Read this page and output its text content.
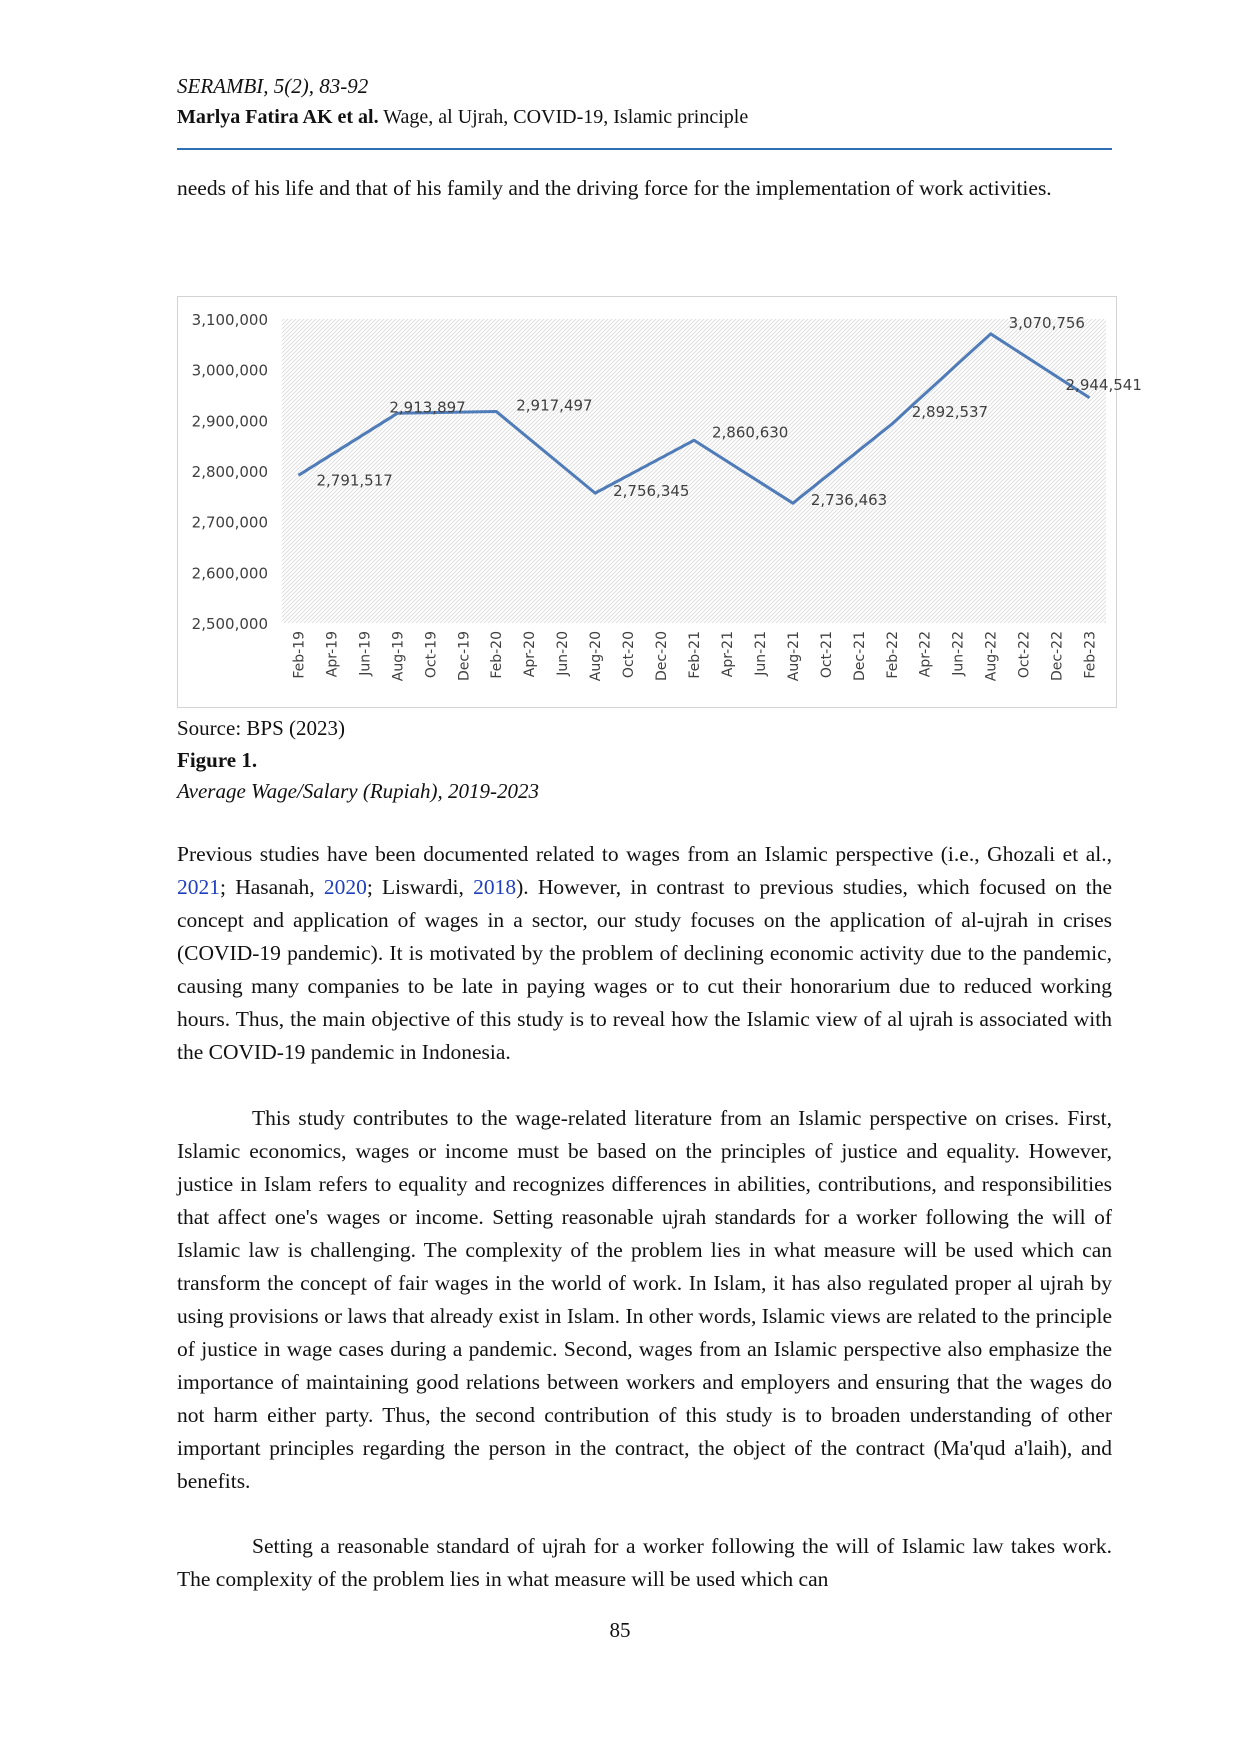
SERAMBI, 5(2), 83-92
Marlya Fatira AK et al. Wage, al Ujrah, COVID-19, Islamic principle
needs of his life and that of his family and the driving force for the implementation of work activities.
2,500,000
2,600,000
2,700,000
2,800,000
2,900,000
3,000,000
3,100,000
Feb-19 Apr-19 Jun-19 Aug-19 Oct-19 Dec-19 Feb-20 Apr-20 Jun-20 Aug-20 Oct-20 Dec-20 Feb-21 Apr-21 Jun-21 Aug-21 Oct-21 Dec-21 Feb-22 Apr-22 Jun-22 Aug-22 Oct-22 Dec-22 Feb-23
2,791,517
2,913,897	2,917,497
2,756,345
2,860,630
2,736,463
2,892,537
3,070,756
2,944,541
Source: BPS (2023)
Figure 1.
Average Wage/Salary (Rupiah), 2019-2023
Previous studies have been documented related to wages from an Islamic perspective (i.e., Ghozali et al., 2021; Hasanah, 2020; Liswardi, 2018). However, in contrast to previous studies, which focused on the concept and application of wages in a sector, our study focuses on the application of al-ujrah in crises (COVID-19 pandemic). It is motivated by the problem of declining economic activity due to the pandemic, causing many companies to be late in paying wages or to cut their honorarium due to reduced working hours. Thus, the main objective of this study is to reveal how the Islamic view of al ujrah is associated with the COVID-19 pandemic in Indonesia.
This study contributes to the wage-related literature from an Islamic perspective on crises. First, Islamic economics, wages or income must be based on the principles of justice and equality. However, justice in Islam refers to equality and recognizes differences in abilities, contributions, and responsibilities that affect one's wages or income. Setting reasonable ujrah standards for a worker following the will of Islamic law is challenging. The complexity of the problem lies in what measure will be used which can transform the concept of fair wages in the world of work. In Islam, it has also regulated proper al ujrah by using provisions or laws that already exist in Islam. In other words, Islamic views are related to the principle of justice in wage cases during a pandemic. Second, wages from an Islamic perspective also emphasize the importance of maintaining good relations between workers and employers and ensuring that the wages do not harm either party. Thus, the second contribution of this study is to broaden understanding of other important principles regarding the person in the contract, the object of the contract (Ma'qud a'laih), and benefits.
Setting a reasonable standard of ujrah for a worker following the will of Islamic law takes work. The complexity of the problem lies in what measure will be used which can
85
